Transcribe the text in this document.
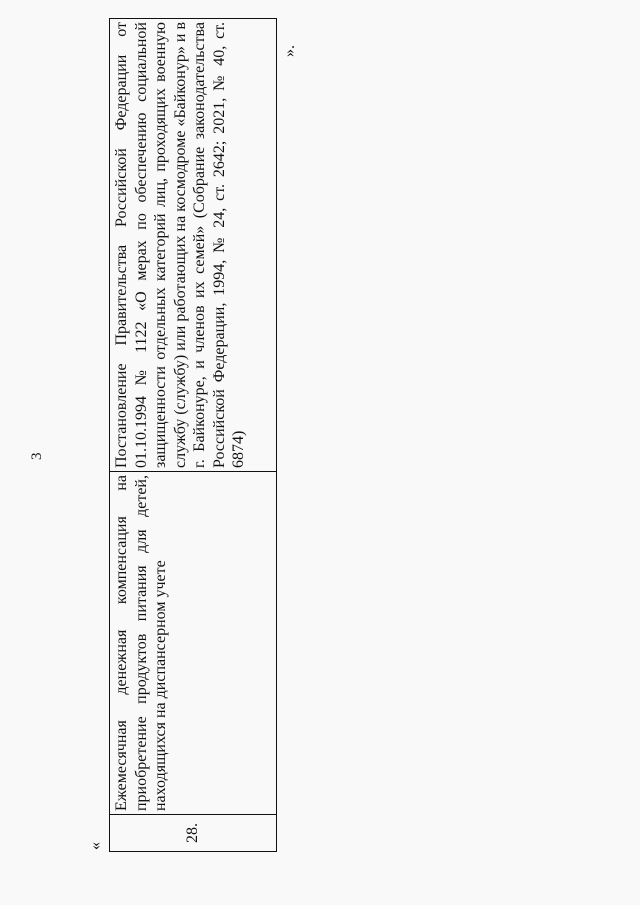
«
3
28.	Ежемесячная денежная компенсация на приобретение продуктов питания для детей, находящихся на диспансерном учете	Постановление Правительства Российской Федерации от 01.10.1994 № 1122 «О мерах по обеспечению социальной защищенности отдельных категорий лиц, проходящих военную службу (службу) или работающих на космодроме «Байконур» и в г. Байконуре, и членов их семей» (Собрание законодательства Российской Федерации, 1994, № 24, ст. 2642; 2021, № 40, ст. 6874)
».
